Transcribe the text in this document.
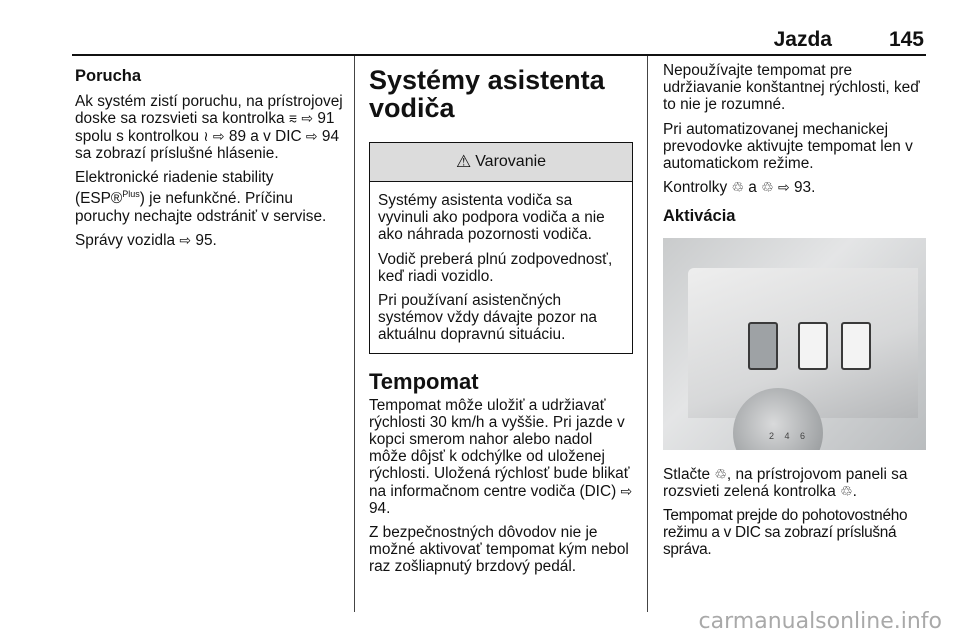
Jazda	145
Porucha

Ak systém zistí poruchu, na prístrojovej doske sa rozsvieti sa kontrolka ⩳ ⇨ 91 spolu s kontrolkou ≀ ⇨ 89 a v DIC ⇨ 94 sa zobrazí príslušné hlásenie.

Elektronické riadenie stability (ESP®$^{Plus}$) je nefunkčné. Príčinu poruchy nechajte odstrániť v servise.

Správy vozidla ⇨ 95.

Systémy asistenta vodiča
⚠ Varovanie

Systémy asistenta vodiča sa vyvinuli ako podpora vodiča a nie ako náhrada pozornosti vodiča.

Vodič preberá plnú zodpovednosť, keď riadi vozidlo.

Pri používaní asistenčných systémov vždy dávajte pozor na aktuálnu dopravnú situáciu.

Tempomat

Tempomat môže uložiť a udržiavať rýchlosti 30 km/h a vyššie. Pri jazde v kopci smerom nahor alebo nadol môže dôjsť k odchýlke od uloženej rýchlosti. Uložená rýchlosť bude blikať na informačnom centre vodiča (DIC) ⇨ 94.

Z bezpečnostných dôvodov nie je možné aktivovať tempomat kým nebol raz zošliapnutý brzdový pedál.

Nepoužívajte tempomat pre udržiavanie konštantnej rýchlosti, keď to nie je rozumné.

Pri automatizovanej mechanickej prevodovke aktivujte tempomat len v automatickom režime.

Kontrolky ♲ a ♲ ⇨ 93.

Aktivácia
2 4 6

Stlačte ♲, na prístrojovom paneli sa rozsvieti zelená kontrolka ♲.

Tempomat prejde do pohotovostného režimu a v DIC sa zobrazí príslušná správa.

carmanualsonline.info
